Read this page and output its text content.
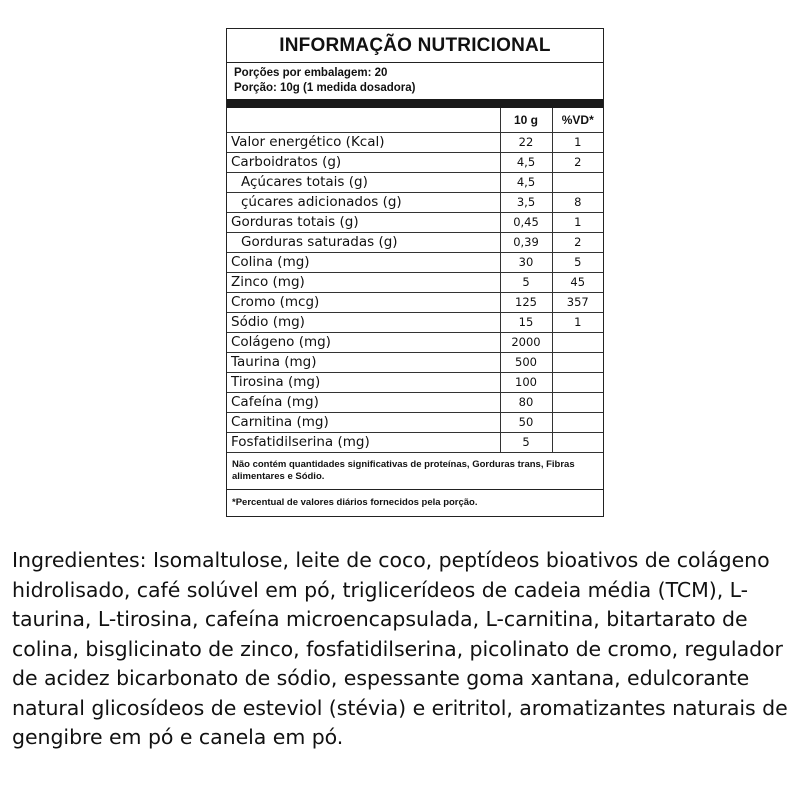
INFORMAÇÃO NUTRICIONAL
Porções por embalagem: 20
Porção: 10g (1 medida dosadora)
	10 g	%VD*
Valor energético (Kcal)	22	1
Carboidratos (g)	4,5	2
Açúcares totais (g)	4,5	
çúcares adicionados (g)	3,5	8
Gorduras totais (g)	0,45	1
Gorduras saturadas (g)	0,39	2
Colina (mg)	30	5
Zinco (mg)	5	45
Cromo (mcg)	125	357
Sódio (mg)	15	1
Colágeno (mg)	2000	
Taurina (mg)	500	
Tirosina (mg)	100	
Cafeína (mg)	80	
Carnitina (mg)	50	
Fosfatidilserina (mg)	5	
Não contém quantidades significativas de proteínas, Gorduras trans, Fibras alimentares e Sódio.
*Percentual de valores diários fornecidos pela porção.
Ingredientes: Isomaltulose, leite de coco, peptídeos bioativos de colágeno hidrolisado, café solúvel em pó, triglicerídeos de cadeia média (TCM), L-taurina, L-tirosina, cafeína microencapsulada, L-carnitina, bitartarato de colina, bisglicinato de zinco, fosfatidilserina, picolinato de cromo, regulador de acidez bicarbonato de sódio, espessante goma xantana, edulcorante natural glicosídeos de esteviol (stévia) e eritritol, aromatizantes naturais de gengibre em pó e canela em pó.
